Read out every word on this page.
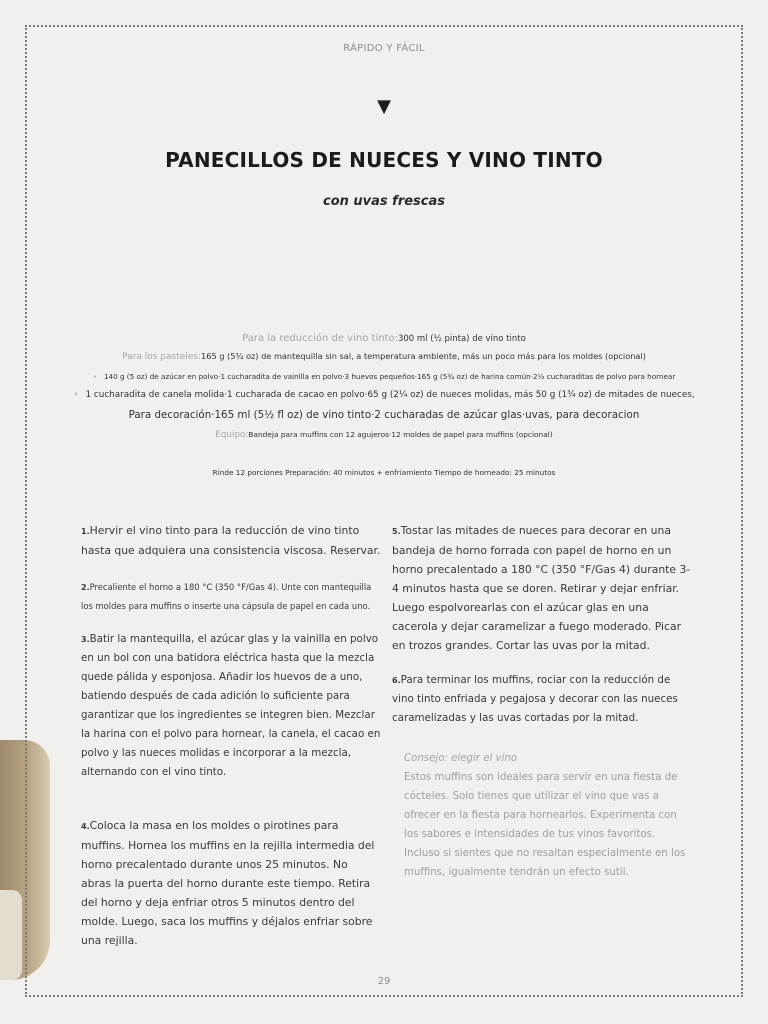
RÁPIDO Y FÁCIL
▼
PANECILLOS DE NUECES Y VINO TINTO
con uvas frescas
Para la reducción de vino tinto:300 ml (½ pinta) de vino tinto
Para los pasteles:165 g (5¾ oz) de mantequilla sin sal, a temperatura ambiente, más un poco más para los moldes (opcional)
• 140 g (5 oz) de azúcar en polvo·1 cucharadita de vainilla en polvo·3 huevos pequeños·165 g (5¾ oz) de harina común·2½ cucharaditas de polvo para hornear
• 1 cucharadita de canela molida·1 cucharada de cacao en polvo·65 g (2¼ oz) de nueces molidas, más 50 g (1¾ oz) de mitades de nueces,
Para decoración·165 ml (5½ fl oz) de vino tinto·2 cucharadas de azúcar glas·uvas, para decoracion
Equipo:Bandeja para muffins con 12 agujeros·12 moldes de papel para muffins (opcional)
Rinde 12 porciones Preparación: 40 minutos + enfriamiento Tiempo de horneado: 25 minutos

1.Hervir el vino tinto para la reducción de vino tinto hasta que adquiera una consistencia viscosa. Reservar.

2.Precaliente el horno a 180 °C (350 °F/Gas 4). Unte con mantequilla los moldes para muffins o inserte una cápsula de papel en cada uno.

3.Batir la mantequilla, el azúcar glas y la vainilla en polvo en un bol con una batidora eléctrica hasta que la mezcla quede pálida y esponjosa. Añadir los huevos de a uno, batiendo después de cada adición lo suficiente para garantizar que los ingredientes se integren bien. Mezclar la harina con el polvo para hornear, la canela, el cacao en polvo y las nueces molidas e incorporar a la mezcla, alternando con el vino tinto.

4.Coloca la masa en los moldes o pirotines para muffins. Hornea los muffins en la rejilla intermedia del horno precalentado durante unos 25 minutos. No abras la puerta del horno durante este tiempo. Retira del horno y deja enfriar otros 5 minutos dentro del molde. Luego, saca los muffins y déjalos enfriar sobre una rejilla.

5.Tostar las mitades de nueces para decorar en una bandeja de horno forrada con papel de horno en un horno precalentado a 180 °C (350 °F/Gas 4) durante 3-4 minutos hasta que se doren. Retirar y dejar enfriar. Luego espolvorearlas con el azúcar glas en una cacerola y dejar caramelizar a fuego moderado. Picar en trozos grandes. Cortar las uvas por la mitad.

6.Para terminar los muffins, rociar con la reducción de vino tinto enfriada y pegajosa y decorar con las nueces caramelizadas y las uvas cortadas por la mitad.

Consejo: elegir el vino

Estos muffins son ideales para servir en una fiesta de cócteles. Solo tienes que utilizar el vino que vas a ofrecer en la fiesta para hornearlos. Experimenta con los sabores e intensidades de tus vinos favoritos. Incluso si sientes que no resaltan especialmente en los muffins, igualmente tendrán un efecto sutil.

29
